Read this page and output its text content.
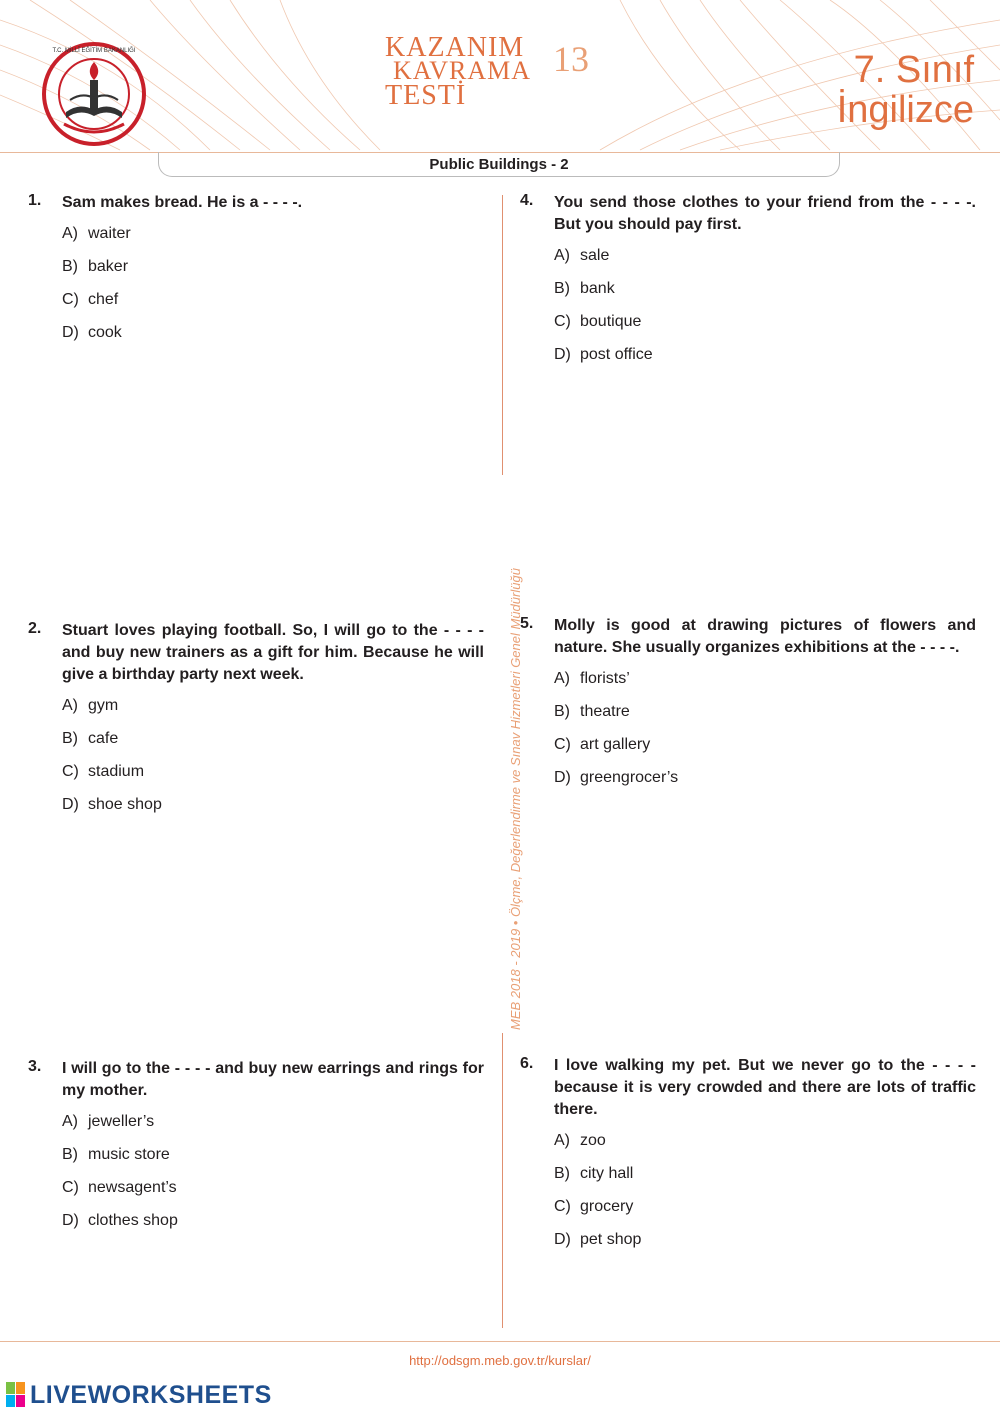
T.C. MİLLÎ EĞİTİM BAKANLIĞI	KAZANIM
KAVRAMA
TESTİ
13	7. Sınıf
İngilizce
Public Buildings - 2
MEB 2018 - 2019 • Ölçme, Değerlendirme ve Sınav Hizmetleri Genel Müdürlüğü
1. Sam makes bread. He is a - - - -.
A) waiter
B) baker
C) chef
D) cook
2. Stuart loves playing football. So, I will go to the - - - - and buy new trainers as a gift for him. Because he will give a birthday party next week.
A) gym
B) cafe
C) stadium
D) shoe shop
3. I will go to the - - - - and buy new earrings and rings for my mother.
A) jeweller’s
B) music store
C) newsagent’s
D) clothes shop
4. You send those clothes to your friend from the - - - -. But you should pay first.
A) sale
B) bank
C) boutique
D) post office
5. Molly is good at drawing pictures of flowers and nature. She usually organizes exhibitions at the - - - -.
A) florists’
B) theatre
C) art gallery
D) greengrocer’s
6. I love walking my pet. But we never go to the - - - - because it is very crowded and there are lots of traffic there.
A) zoo
B) city hall
C) grocery
D) pet shop
http://odsgm.meb.gov.tr/kurslar/
LIVEWORKSHEETS
